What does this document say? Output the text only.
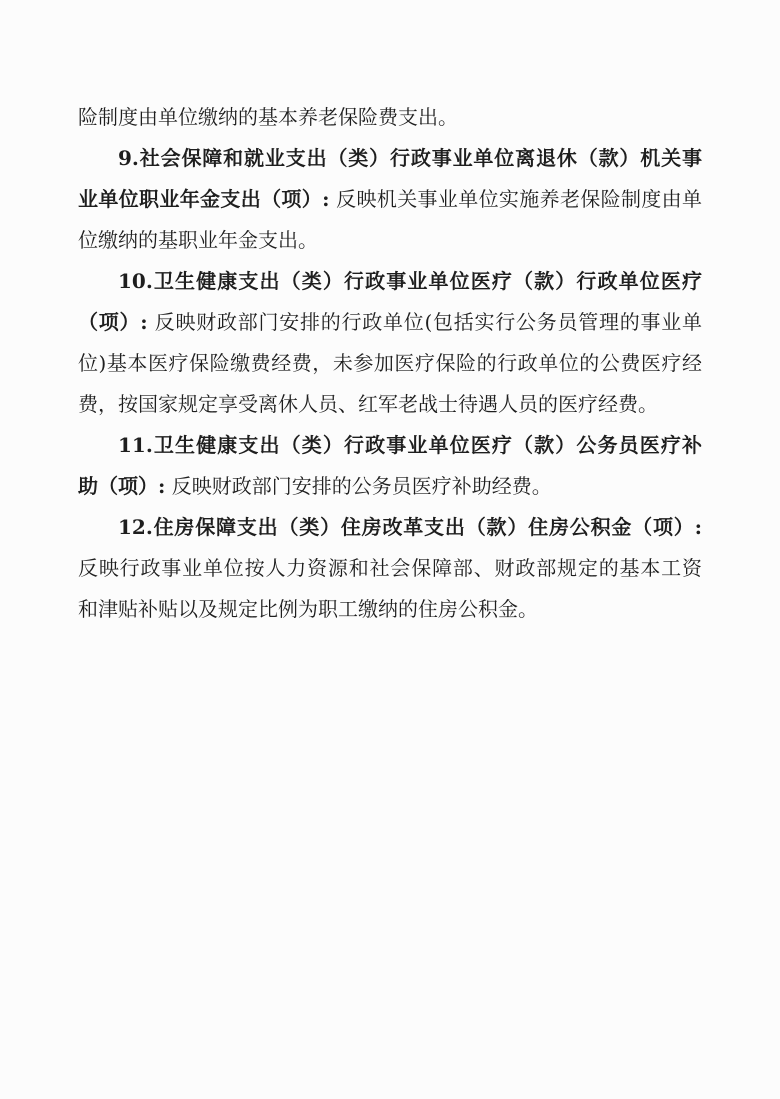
险制度由单位缴纳的基本养老保险费支出。
9.社会保障和就业支出（类）行政事业单位离退休（款）机关事
业单位职业年金支出（项）: 反映机关事业单位实施养老保险制度由单
位缴纳的基职业年金支出。
10.卫生健康支出（类）行政事业单位医疗（款）行政单位医疗
（项）: 反映财政部门安排的行政单位(包括实行公务员管理的事业单
位)基本医疗保险缴费经费，未参加医疗保险的行政单位的公费医疗经
费，按国家规定享受离休人员、红军老战士待遇人员的医疗经费。
11.卫生健康支出（类）行政事业单位医疗（款）公务员医疗补
助（项）: 反映财政部门安排的公务员医疗补助经费。
12.住房保障支出（类）住房改革支出（款）住房公积金（项）:
反映行政事业单位按人力资源和社会保障部、财政部规定的基本工资
和津贴补贴以及规定比例为职工缴纳的住房公积金。
